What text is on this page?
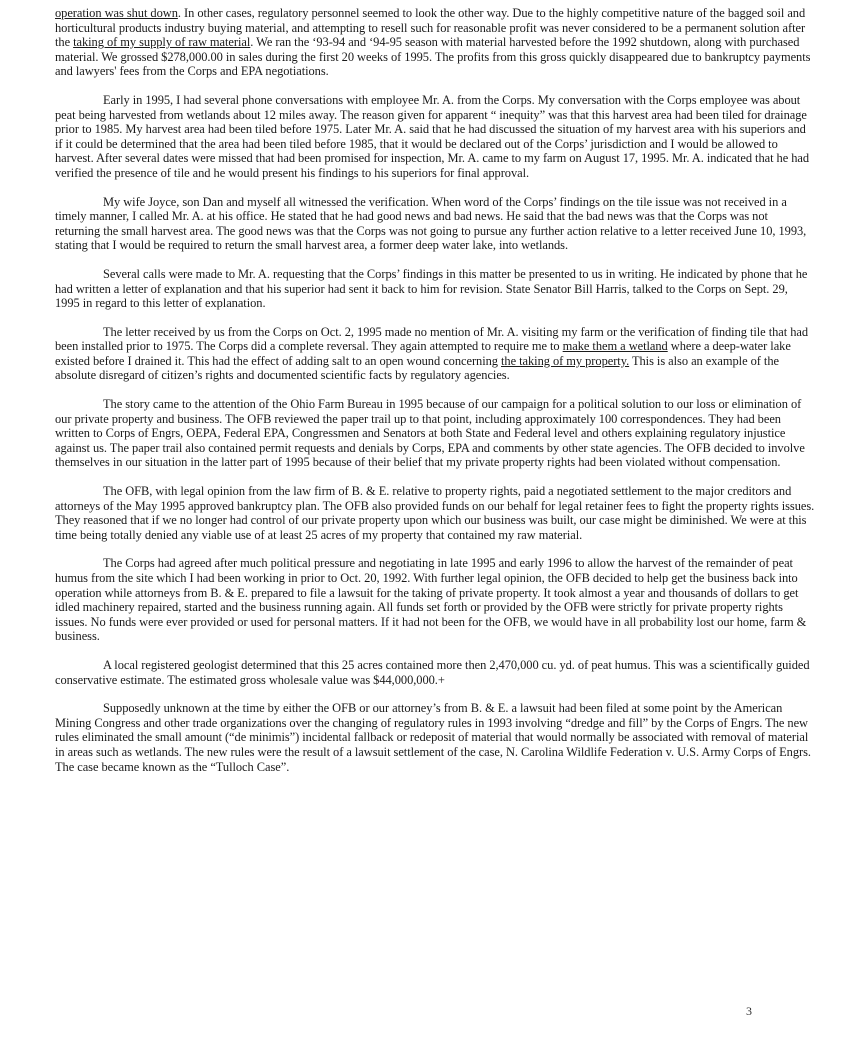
operation was shut down. In other cases, regulatory personnel seemed to look the other way. Due to the highly competitive nature of the bagged soil and horticultural products industry buying material, and attempting to resell such for reasonable profit was never considered to be a permanent solution after the taking of my supply of raw material. We ran the ‘93-94 and ‘94-95 season with material harvested before the 1992 shutdown, along with purchased material. We grossed $278,000.00 in sales during the first 20 weeks of 1995. The profits from this gross quickly disappeared due to bankruptcy payments and lawyers' fees from the Corps and EPA negotiations.

Early in 1995, I had several phone conversations with employee Mr. A. from the Corps. My conversation with the Corps employee was about peat being harvested from wetlands about 12 miles away. The reason given for apparent “ inequity” was that this harvest area had been tiled for drainage prior to 1985. My harvest area had been tiled before 1975. Later Mr. A. said that he had discussed the situation of my harvest area with his superiors and if it could be determined that the area had been tiled before 1985, that it would be declared out of the Corps’ jurisdiction and I would be allowed to harvest. After several dates were missed that had been promised for inspection, Mr. A. came to my farm on August 17, 1995. Mr. A. indicated that he had verified the presence of tile and he would present his findings to his superiors for final approval.

My wife Joyce, son Dan and myself all witnessed the verification. When word of the Corps’ findings on the tile issue was not received in a timely manner, I called Mr. A. at his office. He stated that he had good news and bad news. He said that the bad news was that the Corps was not returning the small harvest area. The good news was that the Corps was not going to pursue any further action relative to a letter received June 10, 1993, stating that I would be required to return the small harvest area, a former deep water lake, into wetlands.

Several calls were made to Mr. A. requesting that the Corps’ findings in this matter be presented to us in writing. He indicated by phone that he had written a letter of explanation and that his superior had sent it back to him for revision. State Senator Bill Harris, talked to the Corps on Sept. 29, 1995 in regard to this letter of explanation.

The letter received by us from the Corps on Oct. 2, 1995 made no mention of Mr. A. visiting my farm or the verification of finding tile that had been installed prior to 1975. The Corps did a complete reversal. They again attempted to require me to make them a wetland where a deep-water lake existed before I drained it. This had the effect of adding salt to an open wound concerning the taking of my property. This is also an example of the absolute disregard of citizen’s rights and documented scientific facts by regulatory agencies.

The story came to the attention of the Ohio Farm Bureau in 1995 because of our campaign for a political solution to our loss or elimination of our private property and business. The OFB reviewed the paper trail up to that point, including approximately 100 correspondences. They had been written to Corps of Engrs, OEPA, Federal EPA, Congressmen and Senators at both State and Federal level and others explaining regulatory injustice against us. The paper trail also contained permit requests and denials by Corps, EPA and comments by other state agencies. The OFB decided to involve themselves in our situation in the latter part of 1995 because of their belief that my private property rights had been violated without compensation.

The OFB, with legal opinion from the law firm of B. & E. relative to property rights, paid a negotiated settlement to the major creditors and attorneys of the May 1995 approved bankruptcy plan. The OFB also provided funds on our behalf for legal retainer fees to fight the property rights issues. They reasoned that if we no longer had control of our private property upon which our business was built, our case might be diminished. We were at this time being totally denied any viable use of at least 25 acres of my property that contained my raw material.

The Corps had agreed after much political pressure and negotiating in late 1995 and early 1996 to allow the harvest of the remainder of peat humus from the site which I had been working in prior to Oct. 20, 1992. With further legal opinion, the OFB decided to help get the business back into operation while attorneys from B. & E. prepared to file a lawsuit for the taking of private property. It took almost a year and thousands of dollars to get idled machinery repaired, started and the business running again. All funds set forth or provided by the OFB were strictly for private property rights issues. No funds were ever provided or used for personal matters. If it had not been for the OFB, we would have in all probability lost our home, farm & business.

A local registered geologist determined that this 25 acres contained more then 2,470,000 cu. yd. of peat humus. This was a scientifically guided conservative estimate. The estimated gross wholesale value was $44,000,000.+

Supposedly unknown at the time by either the OFB or our attorney’s from B. & E. a lawsuit had been filed at some point by the American Mining Congress and other trade organizations over the changing of regulatory rules in 1993 involving “dredge and fill” by the Corps of Engrs. The new rules eliminated the small amount (“de minimis”) incidental fallback or redeposit of material that would normally be associated with removal of material in areas such as wetlands. The new rules were the result of a lawsuit settlement of the case, N. Carolina Wildlife Federation v. U.S. Army Corps of Engrs. The case became known as the “Tulloch Case”.

3
